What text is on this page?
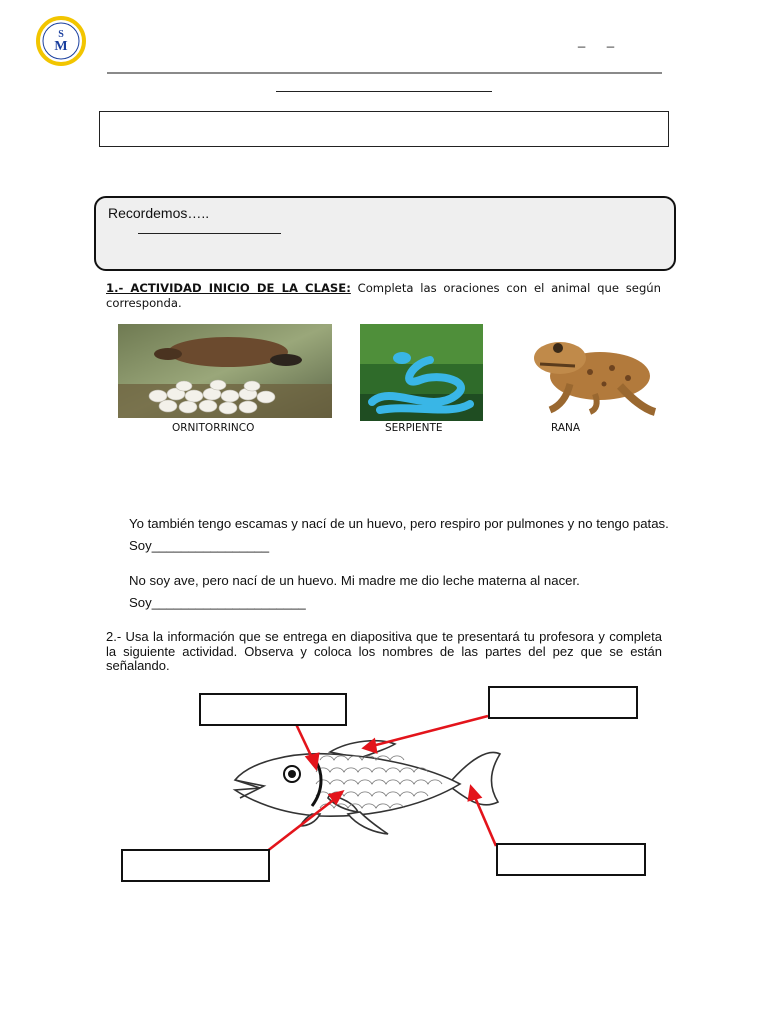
S
M	_ _
Recordemos…..
1.- ACTIVIDAD INICIO DE LA CLASE: Completa las oraciones con el animal que según corresponda.
ORNITORRINCO	SERPIENTE	RANA
Yo también tengo escamas y nací de un huevo, pero respiro por pulmones y no tengo patas. Soy________________
No soy ave, pero nací de un huevo. Mi madre me dio leche materna al nacer. Soy_____________________
2.- Usa la información que se entrega en diapositiva que te presentará tu profesora y completa la siguiente actividad. Observa y coloca los nombres de las partes del pez que se están señalando.
